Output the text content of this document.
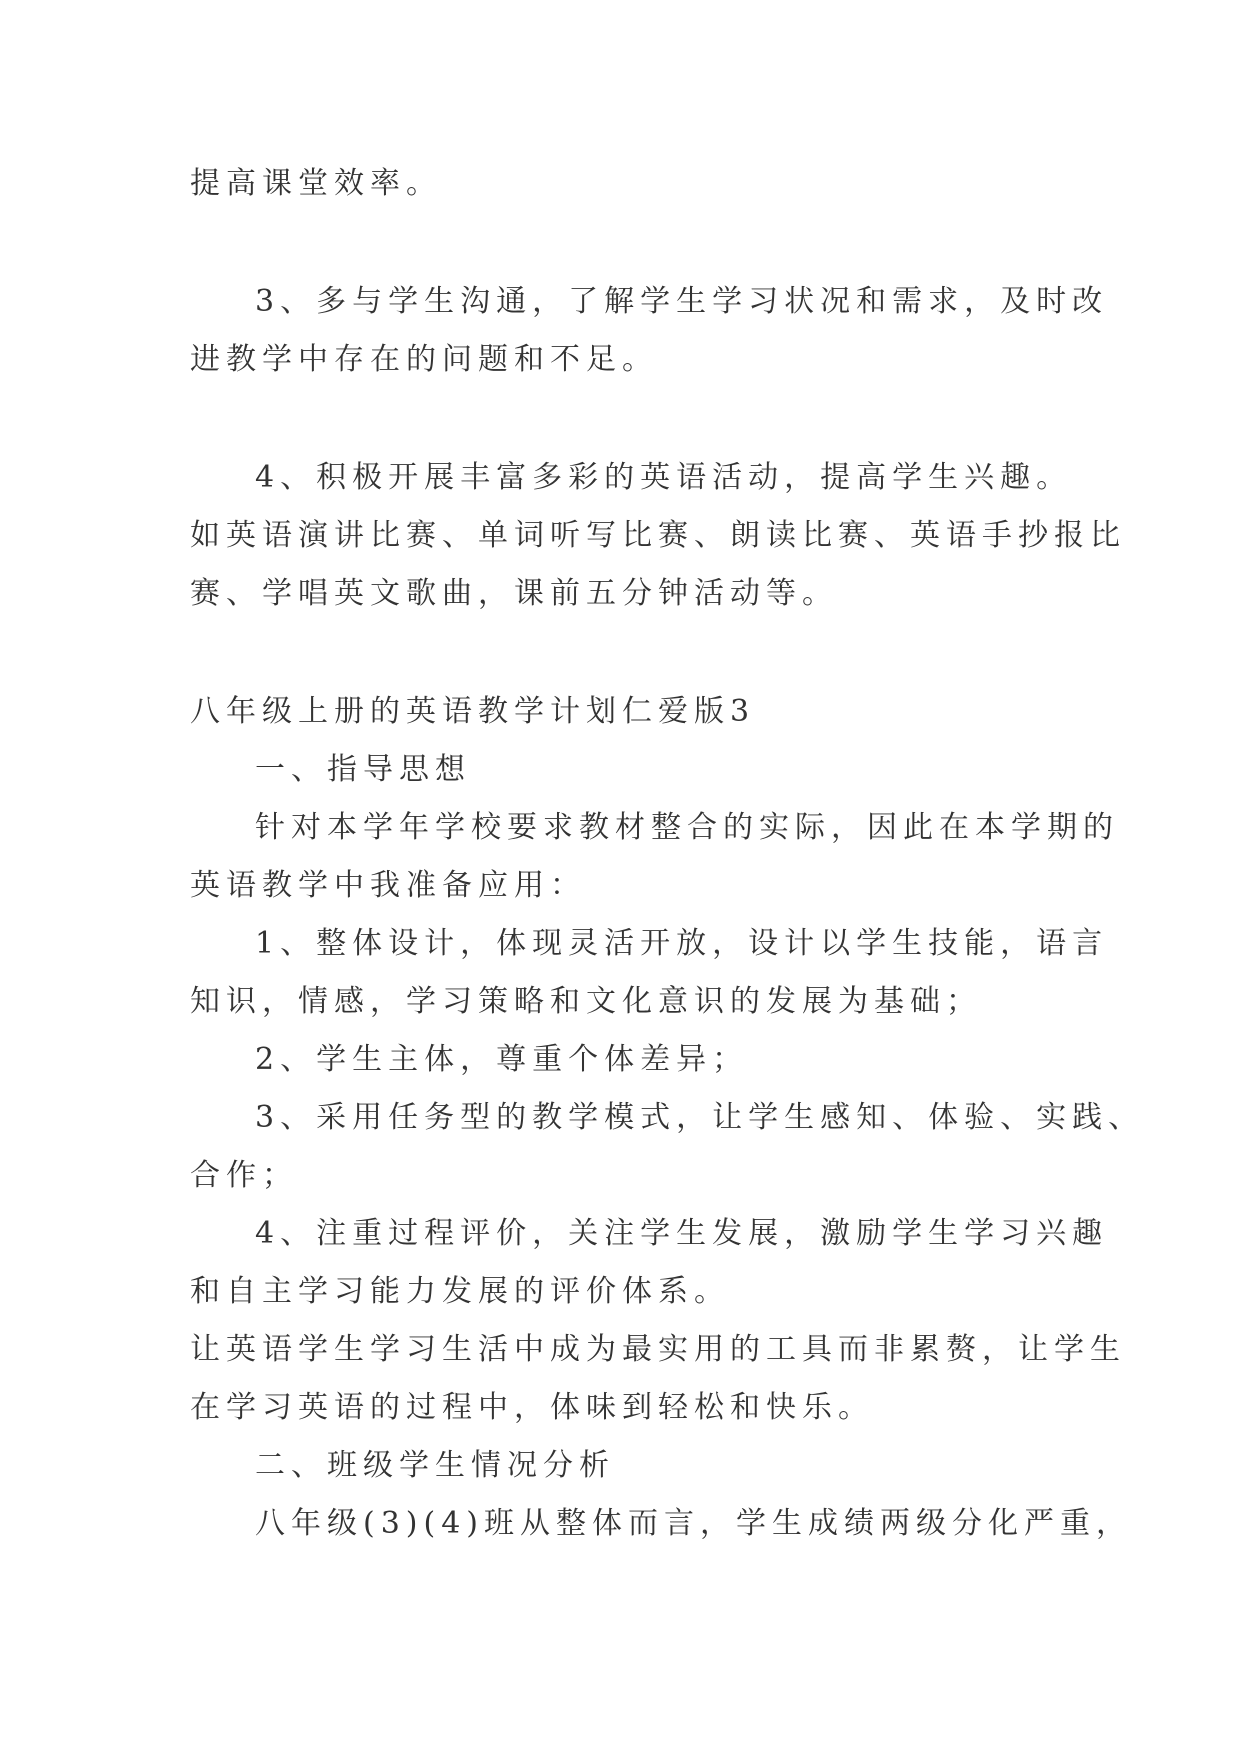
提高课堂效率。
3、多与学生沟通，了解学生学习状况和需求，及时改
进教学中存在的问题和不足。
4、积极开展丰富多彩的英语活动，提高学生兴趣。
如英语演讲比赛、单词听写比赛、朗读比赛、英语手抄报比
赛、学唱英文歌曲，课前五分钟活动等。
八年级上册的英语教学计划仁爱版3
一、指导思想
针对本学年学校要求教材整合的实际，因此在本学期的
英语教学中我准备应用：
1、整体设计，体现灵活开放，设计以学生技能，语言
知识，情感，学习策略和文化意识的发展为基础；
2、学生主体，尊重个体差异；
3、采用任务型的教学模式，让学生感知、体验、实践、
合作；
4、注重过程评价，关注学生发展，激励学生学习兴趣
和自主学习能力发展的评价体系。
让英语学生学习生活中成为最实用的工具而非累赘，让学生
在学习英语的过程中，体味到轻松和快乐。
二、班级学生情况分析
八年级(3)(4)班从整体而言，学生成绩两级分化严重，
